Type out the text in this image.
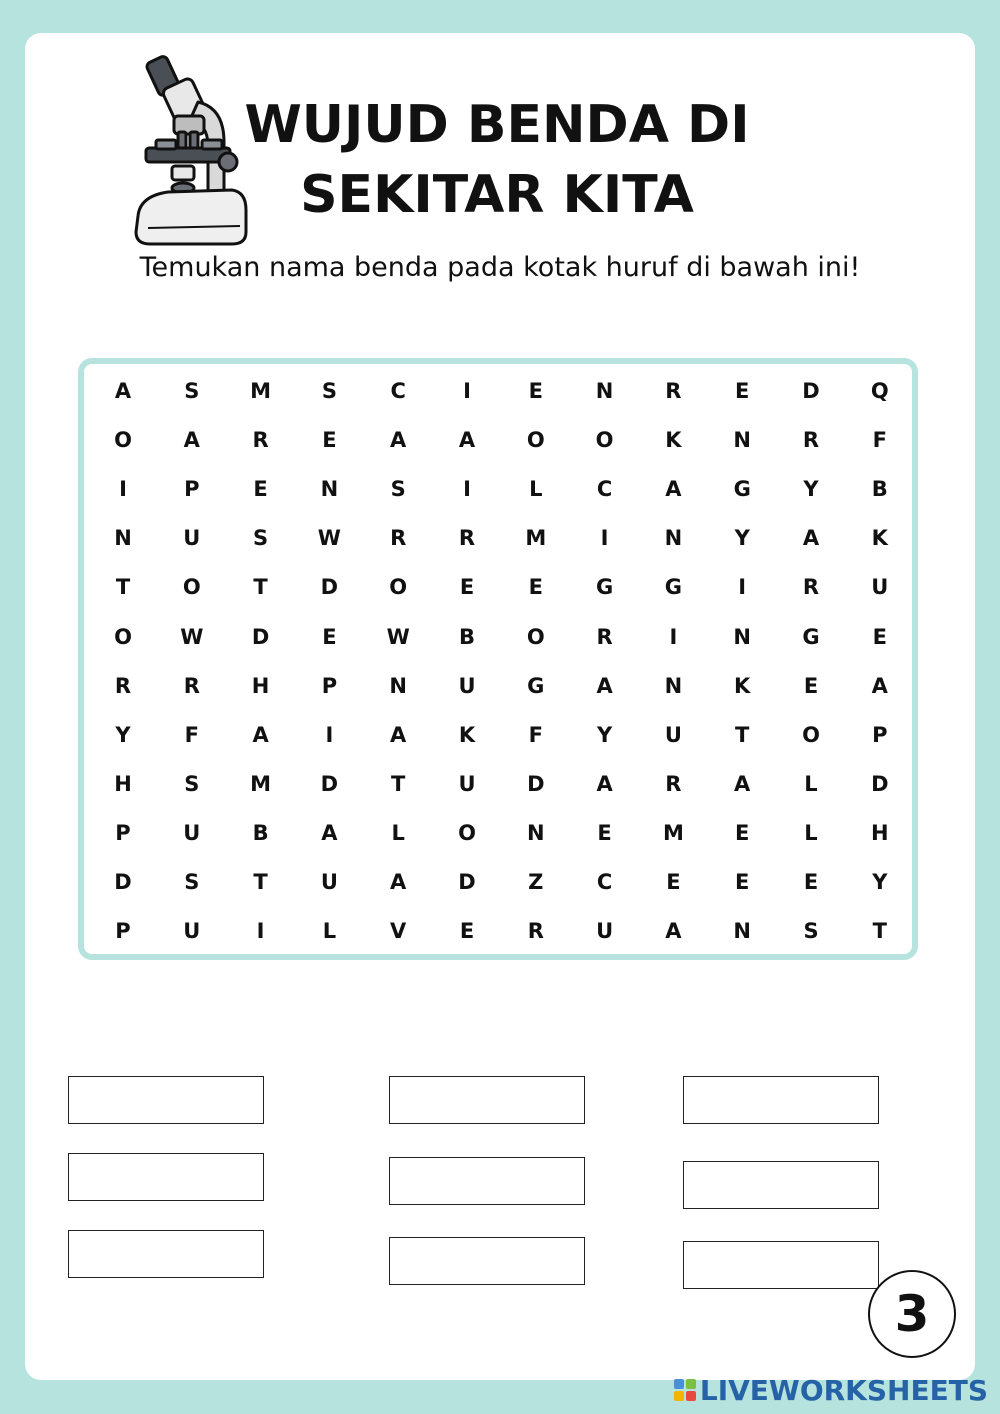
WUJUD BENDA DI
SEKITAR KITA
Temukan nama benda pada kotak huruf di bawah ini!
A	S	M	S	C	I	E	N	R	E	D	Q
O	A	R	E	A	A	O	O	K	N	R	F
I	P	E	N	S	I	L	C	A	G	Y	B
N	U	S	W	R	R	M	I	N	Y	A	K
T	O	T	D	O	E	E	G	G	I	R	U
O	W	D	E	W	B	O	R	I	N	G	E
R	R	H	P	N	U	G	A	N	K	E	A
Y	F	A	I	A	K	F	Y	U	T	O	P
H	S	M	D	T	U	D	A	R	A	L	D
P	U	B	A	L	O	N	E	M	E	L	H
D	S	T	U	A	D	Z	C	E	E	E	Y
P	U	I	L	V	E	R	U	A	N	S	T
3
LIVEWORKSHEETS
